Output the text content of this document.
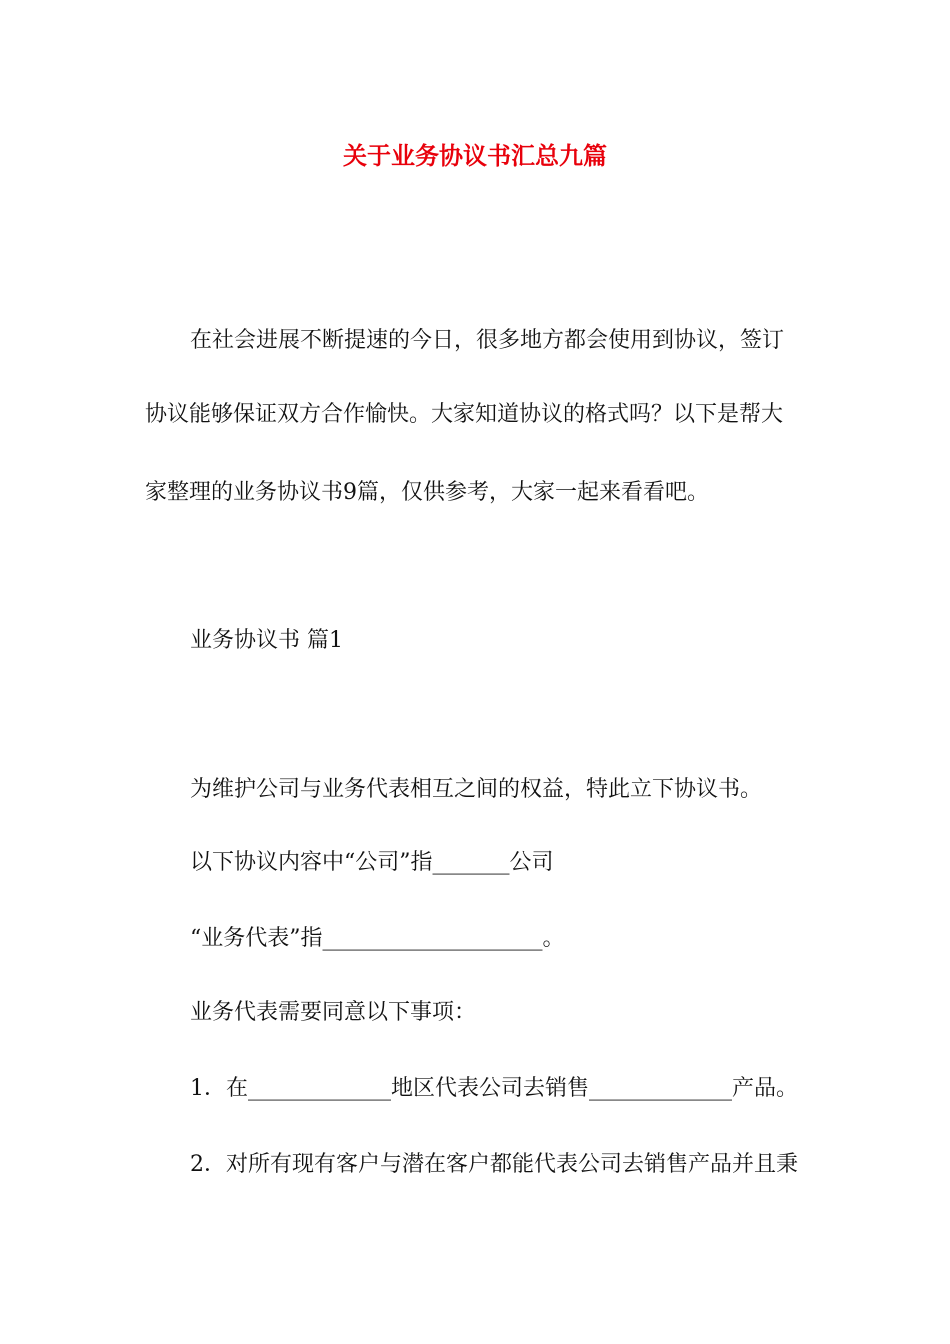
关于业务协议书汇总九篇
在社会进展不断提速的今日，很多地方都会使用到协议，签订
协议能够保证双方合作愉快。大家知道协议的格式吗？以下是帮大
家整理的业务协议书9篇，仅供参考，大家一起来看看吧。
业务协议书 篇1
为维护公司与业务代表相互之间的权益，特此立下协议书。
以下协议内容中“公司”指_______公司
“业务代表”指____________________。
业务代表需要同意以下事项：
1．在_____________地区代表公司去销售_____________产品。
2．对所有现有客户与潜在客户都能代表公司去销售产品并且秉
